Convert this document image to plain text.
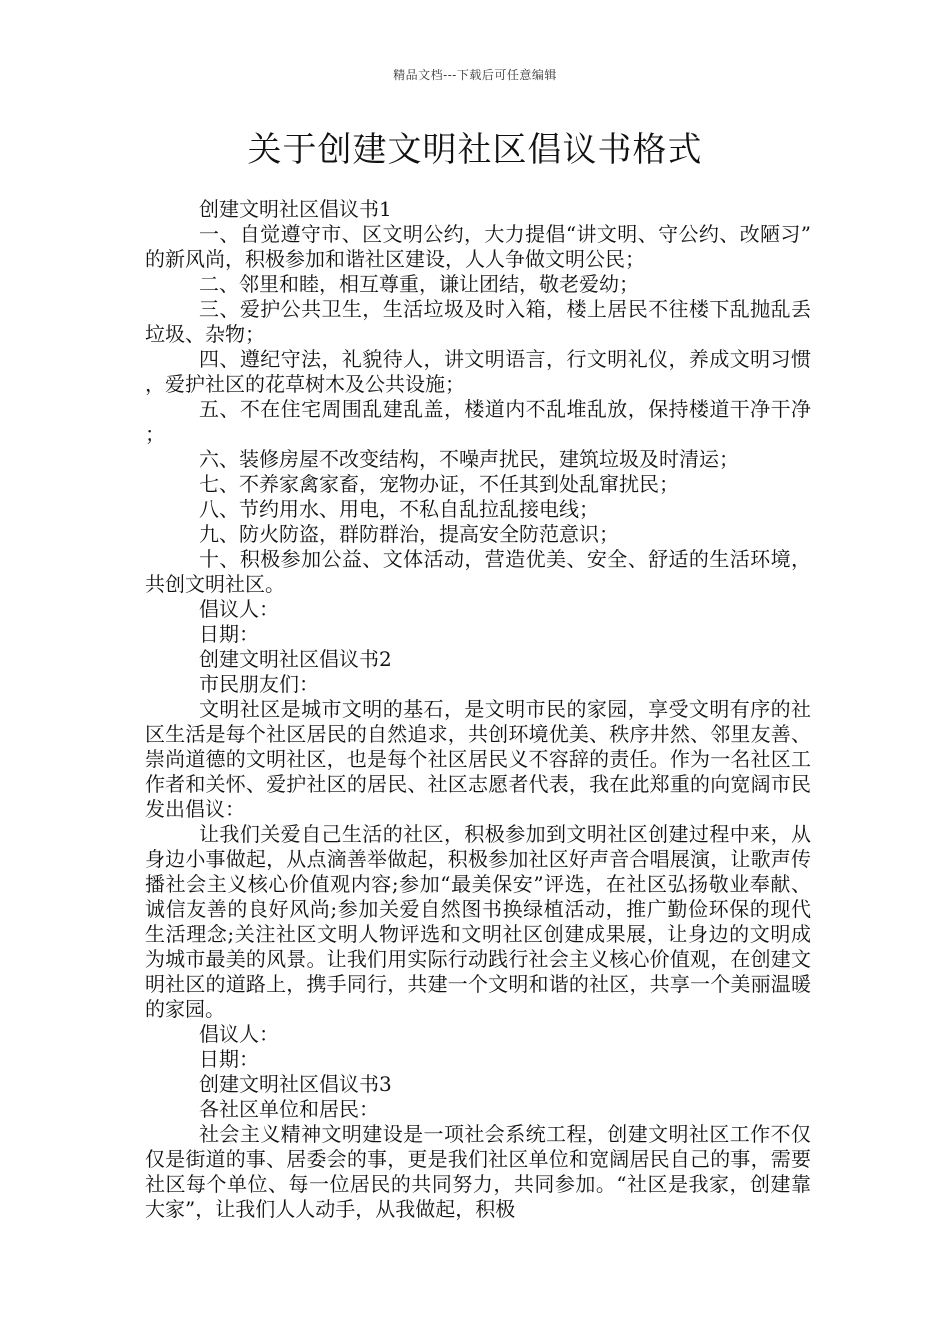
精品文档---下载后可任意编辑
关于创建文明社区倡议书格式

创建文明社区倡议书1

一、自觉遵守市、区文明公约，大力提倡“讲文明、守公约、改陋习”的新风尚，积极参加和谐社区建设，人人争做文明公民；

二、邻里和睦，相互尊重，谦让团结，敬老爱幼；

三、爱护公共卫生，生活垃圾及时入箱，楼上居民不往楼下乱抛乱丢垃圾、杂物；

四、遵纪守法，礼貌待人，讲文明语言，行文明礼仪，养成文明习惯，爱护社区的花草树木及公共设施；

五、不在住宅周围乱建乱盖，楼道内不乱堆乱放，保持楼道干净干净；

六、装修房屋不改变结构，不噪声扰民，建筑垃圾及时清运；

七、不养家禽家畜，宠物办证，不任其到处乱窜扰民；

八、节约用水、用电，不私自乱拉乱接电线；

九、防火防盗，群防群治，提高安全防范意识；

十、积极参加公益、文体活动，营造优美、安全、舒适的生活环境，共创文明社区。

倡议人：

日期：

创建文明社区倡议书2

市民朋友们：

文明社区是城市文明的基石，是文明市民的家园，享受文明有序的社区生活是每个社区居民的自然追求，共创环境优美、秩序井然、邻里友善、崇尚道德的文明社区，也是每个社区居民义不容辞的责任。作为一名社区工作者和关怀、爱护社区的居民、社区志愿者代表，我在此郑重的向宽阔市民发出倡议：

让我们关爱自己生活的社区，积极参加到文明社区创建过程中来，从身边小事做起，从点滴善举做起，积极参加社区好声音合唱展演，让歌声传播社会主义核心价值观内容;参加“最美保安”评选，在社区弘扬敬业奉献、诚信友善的良好风尚;参加关爱自然图书换绿植活动，推广勤俭环保的现代生活理念;关注社区文明人物评选和文明社区创建成果展，让身边的文明成为城市最美的风景。让我们用实际行动践行社会主义核心价值观，在创建文明社区的道路上，携手同行，共建一个文明和谐的社区，共享一个美丽温暖的家园。

倡议人：

日期：

创建文明社区倡议书3

各社区单位和居民：

社会主义精神文明建设是一项社会系统工程，创建文明社区工作不仅仅是街道的事、居委会的事，更是我们社区单位和宽阔居民自己的事，需要社区每个单位、每一位居民的共同努力，共同参加。“社区是我家，创建靠大家”，让我们人人动手，从我做起，积极
